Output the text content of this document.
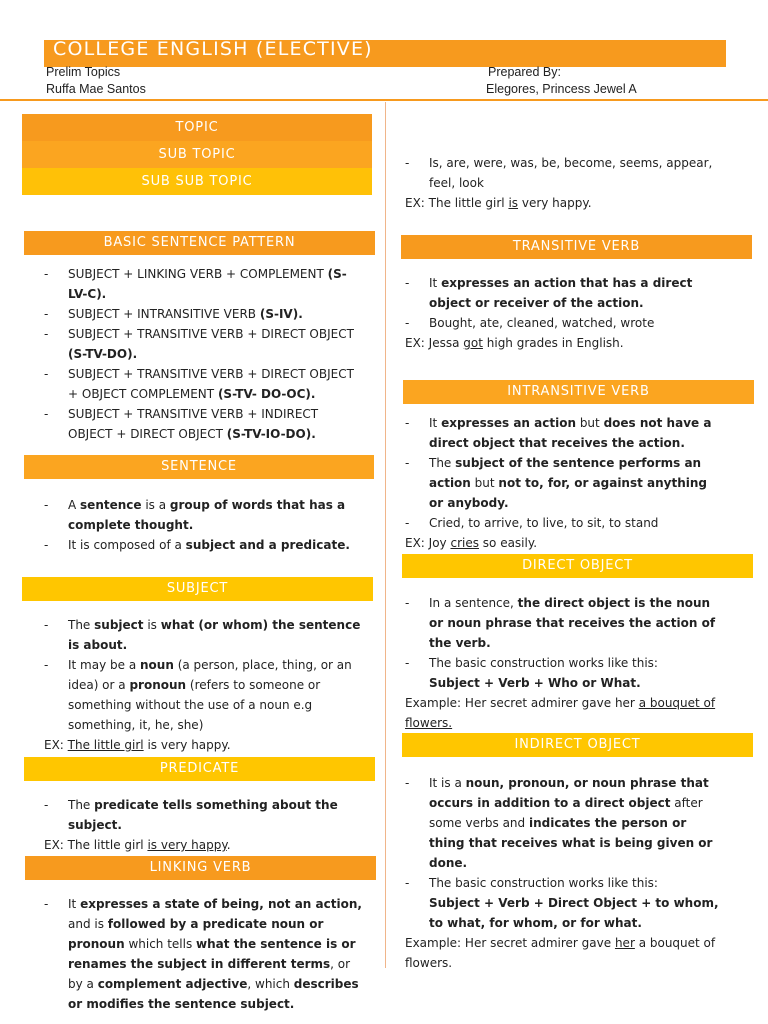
COLLEGE ENGLISH (ELECTIVE)
Prelim Topics
Ruffa Mae Santos
Prepared By:
Elegores, Princess Jewel A
TOPIC
SUB TOPIC
SUB SUB TOPIC
BASIC SENTENCE PATTERN
- SUBJECT + LINKING VERB + COMPLEMENT (S-LV-C).
- SUBJECT + INTRANSITIVE VERB (S-IV).
- SUBJECT + TRANSITIVE VERB + DIRECT OBJECT (S-TV-DO).
- SUBJECT + TRANSITIVE VERB + DIRECT OBJECT + OBJECT COMPLEMENT (S-TV- DO-OC).
- SUBJECT + TRANSITIVE VERB + INDIRECT OBJECT + DIRECT OBJECT (S-TV-IO-DO).
SENTENCE
- A sentence is a group of words that has a complete thought.
- It is composed of a subject and a predicate.
SUBJECT
- The subject is what (or whom) the sentence is about.
- It may be a noun (a person, place, thing, or an idea) or a pronoun (refers to someone or something without the use of a noun e.g something, it, he, she)
EX: The little girl is very happy.
PREDICATE
- The predicate tells something about the subject.
EX: The little girl is very happy.
LINKING VERB
TRANSITIVE VERB
- It expresses an action that has a direct object or receiver of the action.
- Bought, ate, cleaned, watched, wrote
EX: Jessa got high grades in English.
INTRANSITIVE VERB
- It expresses an action but does not have a direct object that receives the action.
- The subject of the sentence performs an action but not to, for, or against anything or anybody.
- Cried, to arrive, to live, to sit, to stand
EX: Joy cries so easily.
DIRECT OBJECT
- In a sentence, the direct object is the noun or noun phrase that receives the action of the verb.
- The basic construction works like this:
Subject + Verb + Who or What.
Example: Her secret admirer gave her a bouquet of flowers.
INDIRECT OBJECT
- It is a noun, pronoun, or noun phrase that occurs in addition to a direct object after some verbs and indicates the person or thing that receives what is being given or done.
- The basic construction works like this:
Subject + Verb + Direct Object + to whom, to what, for whom, or for what.
Example: Her secret admirer gave her a bouquet of flowers.
- It expresses a state of being, not an action, and is followed by a predicate noun or pronoun which tells what the sentence is or renames the subject in different terms, or by a complement adjective, which describes or modifies the sentence subject.
- Is, are, were, was, be, become, seems, appear, feel, look
EX: The little girl is very happy.
